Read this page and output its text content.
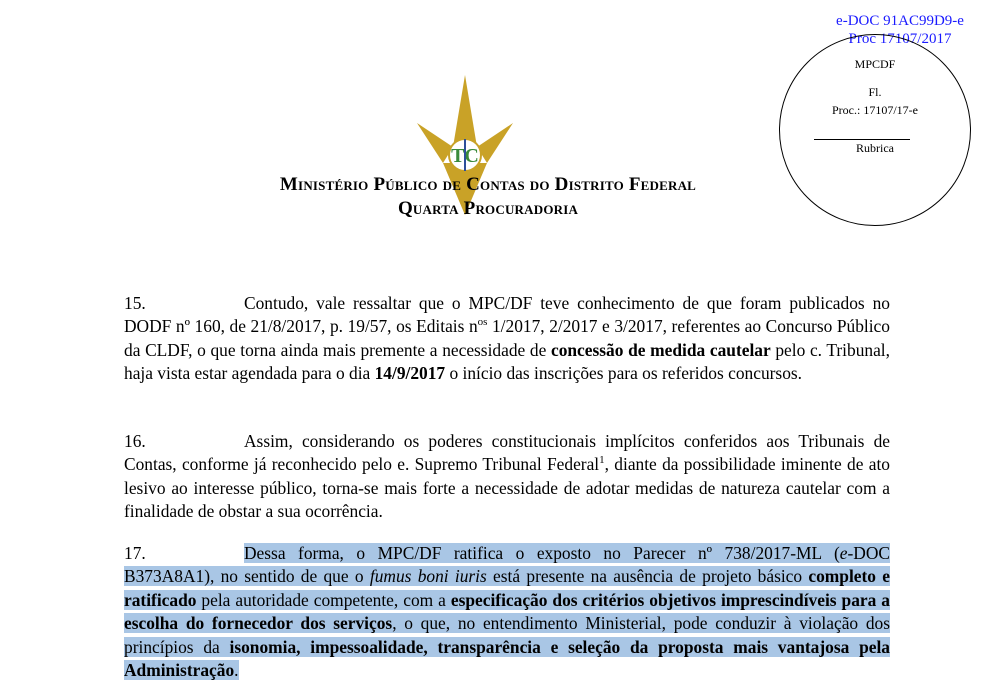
e-DOC 91AC99D9-e
Proc 17107/2017
MPCDF
Fl.
Proc.: 17107/17-e
Rubrica
TC
Ministério Público de Contas do Distrito Federal
Quarta Procuradoria
15.	Contudo, vale ressaltar que o MPC/DF teve conhecimento de que foram publicados no DODF nº 160, de 21/8/2017, p. 19/57, os Editais $n^{os}$ 1/2017, 2/2017 e 3/2017, referentes ao Concurso Público da CLDF, o que torna ainda mais premente a necessidade de concessão de medida cautelar pelo c. Tribunal, haja vista estar agendada para o dia 14/9/2017 o início das inscrições para os referidos concursos.
16.	Assim, considerando os poderes constitucionais implícitos conferidos aos Tribunais de Contas, conforme já reconhecido pelo e. Supremo Tribunal Federal$^1$, diante da possibilidade iminente de ato lesivo ao interesse público, torna-se mais forte a necessidade de adotar medidas de natureza cautelar com a finalidade de obstar a sua ocorrência.
17.	Dessa forma, o MPC/DF ratifica o exposto no Parecer nº 738/2017-ML (e-DOC B373A8A1), no sentido de que o fumus boni iuris está presente na ausência de projeto básico completo e ratificado pela autoridade competente, com a especificação dos critérios objetivos imprescindíveis para a escolha do fornecedor dos serviços, o que, no entendimento Ministerial, pode conduzir à violação dos princípios da isonomia, impessoalidade, transparência e seleção da proposta mais vantajosa pela Administração.
